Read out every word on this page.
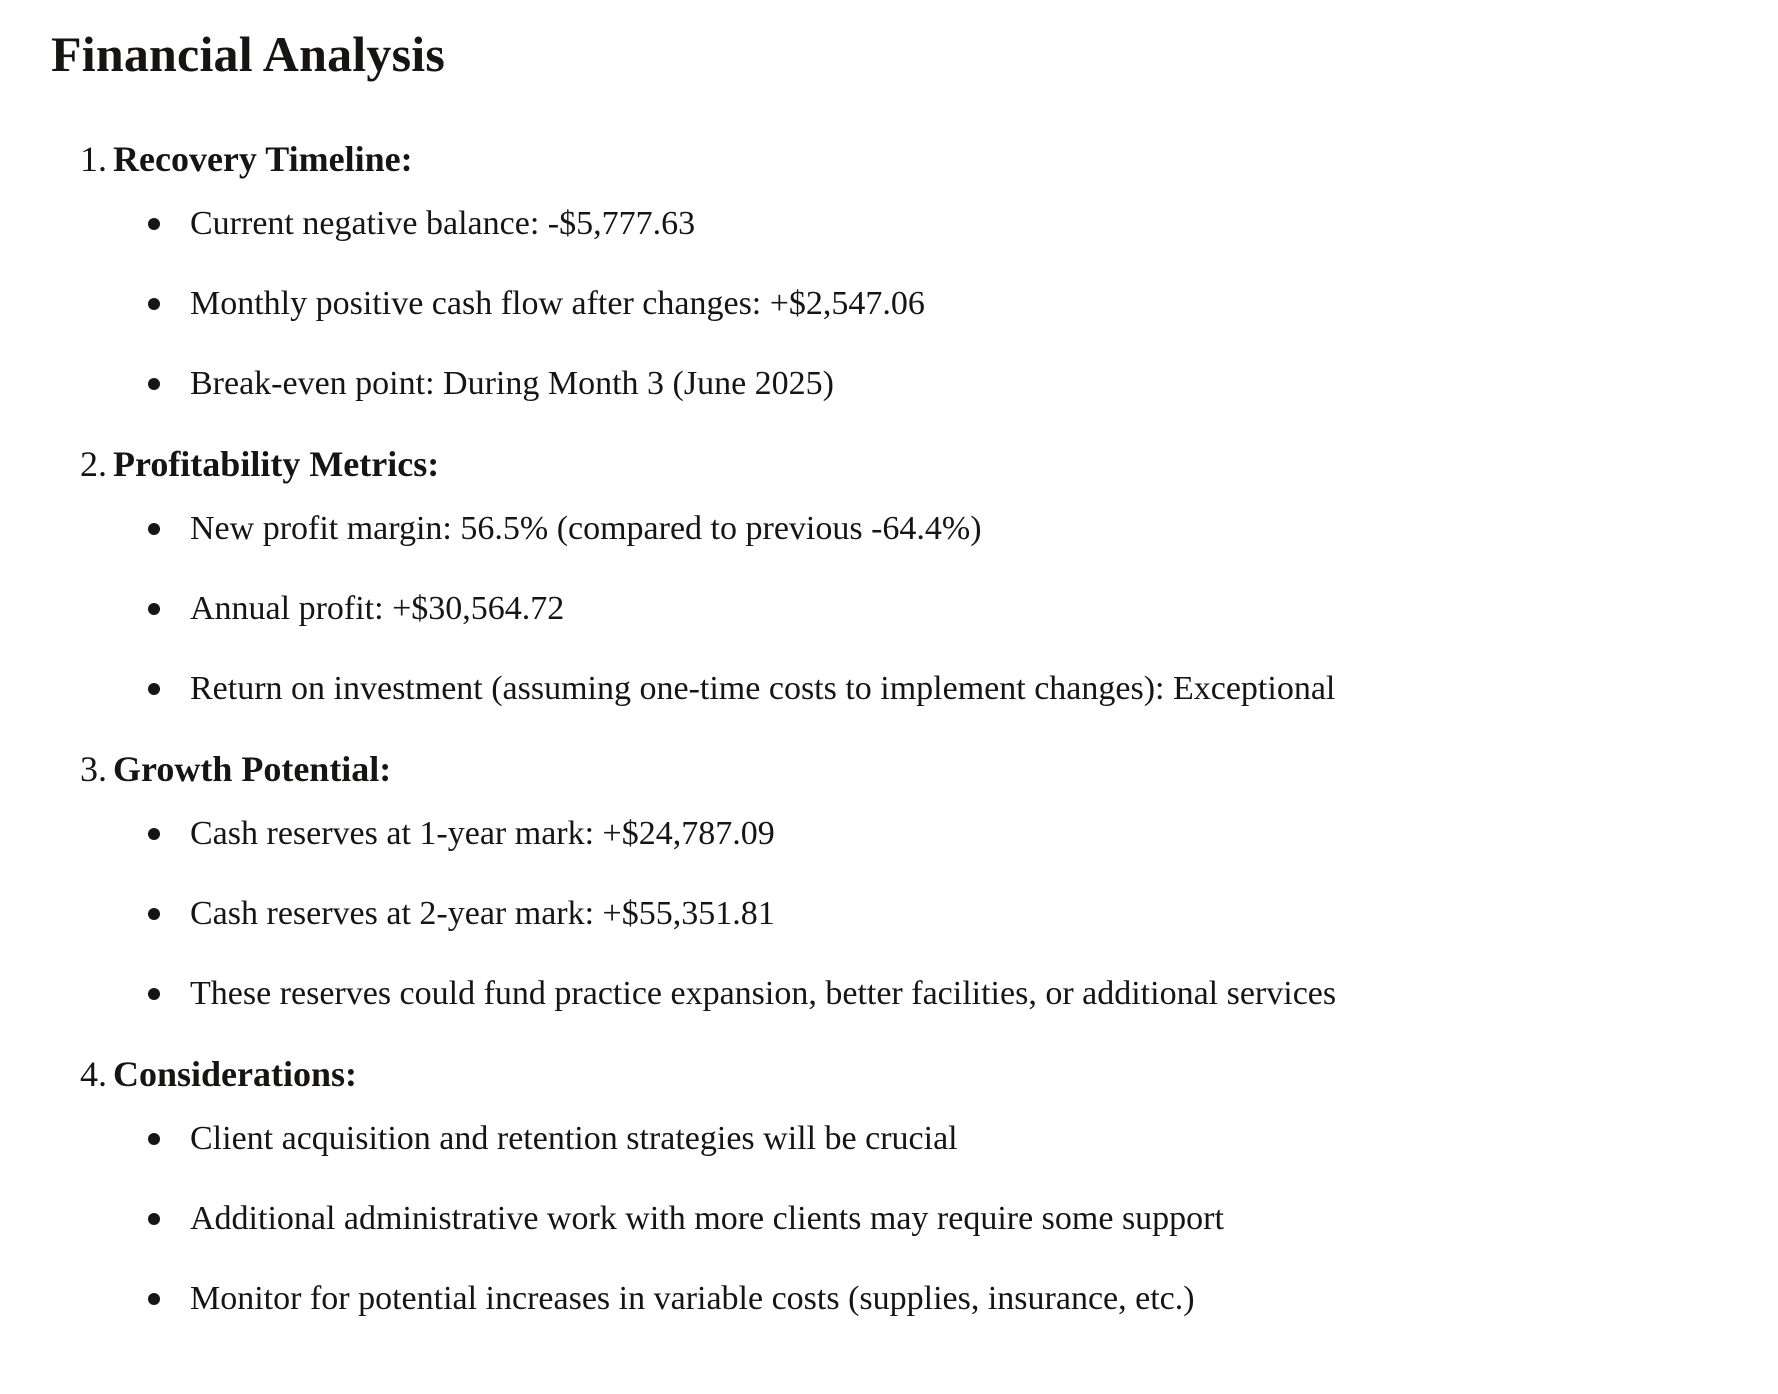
Financial Analysis
1. Recovery Timeline:
Current negative balance: -$5,777.63
Monthly positive cash flow after changes: +$2,547.06
Break-even point: During Month 3 (June 2025)
2. Profitability Metrics:
New profit margin: 56.5% (compared to previous -64.4%)
Annual profit: +$30,564.72
Return on investment (assuming one-time costs to implement changes): Exceptional
3. Growth Potential:
Cash reserves at 1-year mark: +$24,787.09
Cash reserves at 2-year mark: +$55,351.81
These reserves could fund practice expansion, better facilities, or additional services
4. Considerations:
Client acquisition and retention strategies will be crucial
Additional administrative work with more clients may require some support
Monitor for potential increases in variable costs (supplies, insurance, etc.)
